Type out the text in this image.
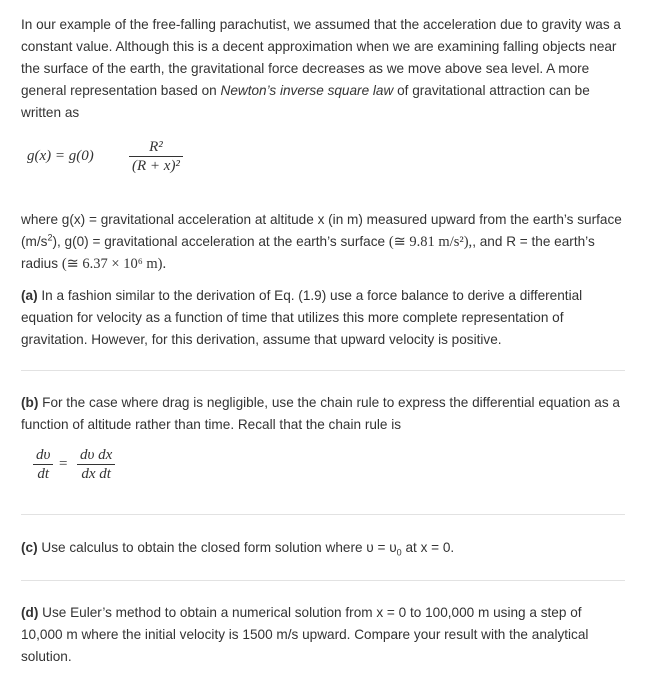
In our example of the free-falling parachutist, we assumed that the acceleration due to gravity was a constant value. Although this is a decent approximation when we are examining falling objects near the surface of the earth, the gravitational force decreases as we move above sea level. A more general representation based on Newton’s inverse square law of gravitational attraction can be written as

$g(x) = g(0) \frac{\text{R²}}{\text{(R + x)²}}$

where g(x) = gravitational acceleration at altitude x (in m) measured upward from the earth’s surface $(m/s^2)$, g(0) = gravitational acceleration at the earth’s surface (≅ 9.81 m/s²),, and R = the earth’s radius (≅ 6.37 × 10⁶ m).

(a) In a fashion similar to the derivation of Eq. (1.9) use a force balance to derive a differential equation for velocity as a function of time that utilizes this more complete representation of gravitation. However, for this derivation, assume that upward velocity is positive.

(b) For the case where drag is negligible, use the chain rule to express the differential equation as a function of altitude rather than time. Recall that the chain rule is

$\frac{d\upsilon}{dt} = \frac{\text{dυ dx}}{\text{dx dt}}$

(c) Use calculus to obtain the closed form solution where $\upsilon = \upsilon_0$ at x = 0.

(d) Use Euler’s method to obtain a numerical solution from x = 0 to 100,000 m using a step of 10,000 m where the initial velocity is 1500 m/s upward. Compare your result with the analytical solution.
